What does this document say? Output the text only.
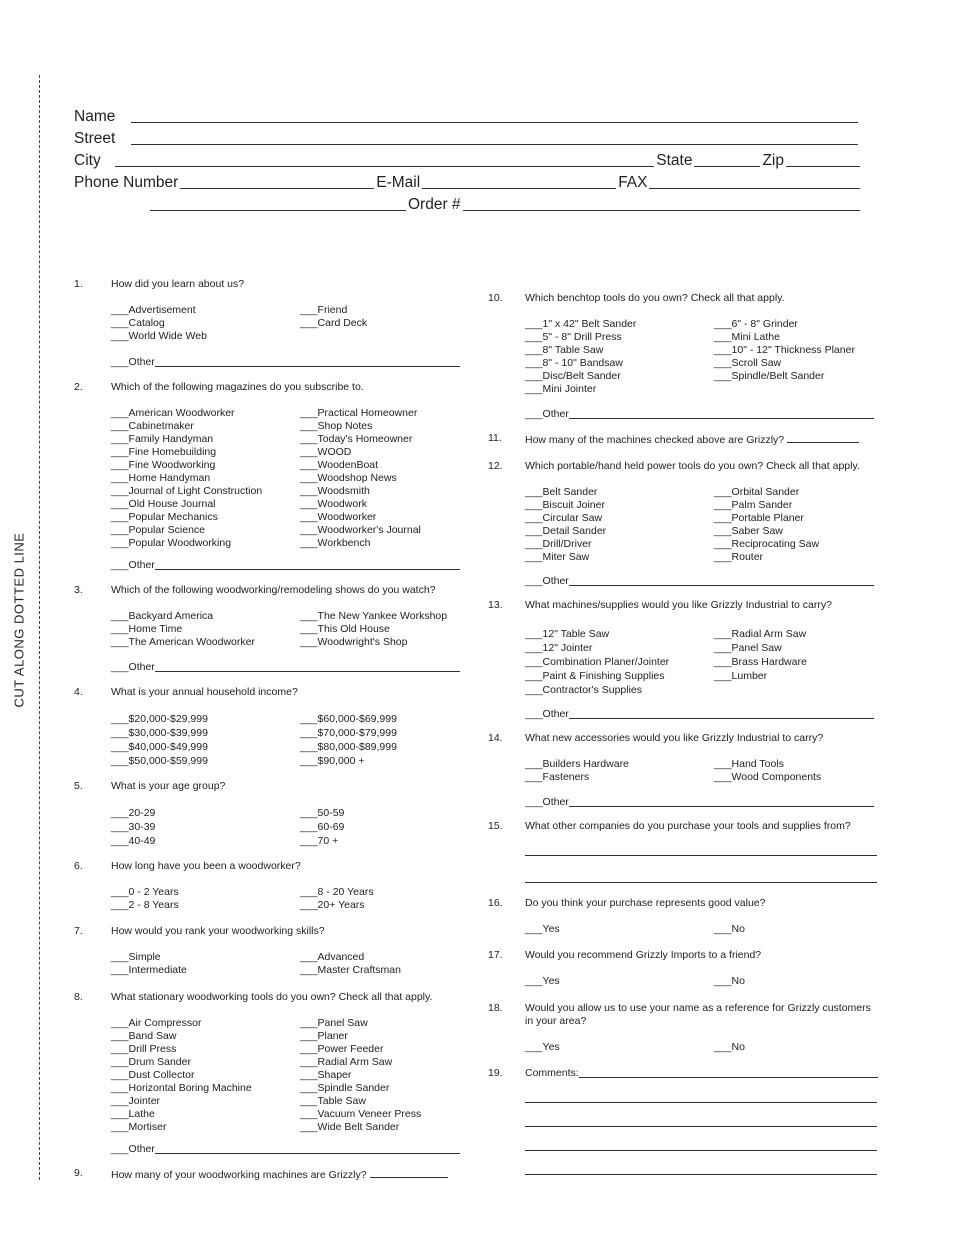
CUT ALONG DOTTED LINE
Name
Street
City	State	Zip
Phone Number	E-Mail	FAX
Order #
1.	How did you learn about us?
___Advertisement	___Friend
___Catalog	___Card Deck
___World Wide Web
___ Other
2.	Which of the following magazines do you subscribe to.
___American Woodworker	___Practical Homeowner
___Cabinetmaker	___Shop Notes
___Family Handyman	___Today's Homeowner
___Fine Homebuilding	___WOOD
___Fine Woodworking	___WoodenBoat
___Home Handyman	___Woodshop News
___Journal of Light Construction	___Woodsmith
___Old House Journal	___Woodwork
___Popular Mechanics	___Woodworker
___Popular Science	___Woodworker's Journal
___Popular Woodworking	___Workbench
___ Other
3.	Which of the following woodworking/remodeling shows do you watch?
___Backyard America	___The New Yankee Workshop
___Home Time	___This Old House
___The American Woodworker	___Woodwright's Shop
___ Other
4.	What is your annual household income?
___$20,000-$29,999	___$60,000-$69,999
___$30,000-$39,999	___$70,000-$79,999
___$40,000-$49,999	___$80,000-$89,999
___$50,000-$59,999	___$90,000 +
5.	What is your age group?
___20-29	___50-59
___30-39	___60-69
___40-49	___70 +
6.	How long have you been a woodworker?
___0 - 2 Years	___8 - 20 Years
___2 - 8 Years	___20+ Years
7.	How would you rank your woodworking skills?
___Simple	___Advanced
___Intermediate	___Master Craftsman
8.	What stationary woodworking tools do you own? Check all that apply.
___Air Compressor	___Panel Saw
___Band Saw	___Planer
___Drill Press	___Power Feeder
___Drum Sander	___Radial Arm Saw
___Dust Collector	___Shaper
___Horizontal Boring Machine	___Spindle Sander
___Jointer	___Table Saw
___Lathe	___Vacuum Veneer Press
___Mortiser	___Wide Belt Sander
___ Other
9.	How many of your woodworking machines are Grizzly?
10. Which benchtop tools do you own? Check all that apply.
___1" x 42" Belt Sander	___6" - 8" Grinder
___5" - 8" Drill Press	___Mini Lathe
___8" Table Saw	___10" - 12" Thickness Planer
___8" - 10" Bandsaw	___Scroll Saw
___Disc/Belt Sander	___Spindle/Belt Sander
___Mini Jointer
___ Other
11. How many of the machines checked above are Grizzly?
12. Which portable/hand held power tools do you own? Check all that apply.
___Belt Sander	___Orbital Sander
___Biscuit Joiner	___Palm Sander
___Circular Saw	___Portable Planer
___Detail Sander	___Saber Saw
___Drill/Driver	___Reciprocating Saw
___Miter Saw	___Router
___ Other
13. What machines/supplies would you like Grizzly Industrial to carry?
___12" Table Saw	___Radial Arm Saw
___12" Jointer	___Panel Saw
___Combination Planer/Jointer	___Brass Hardware
___Paint & Finishing Supplies	___Lumber
___Contractor's Supplies
___ Other
14. What new accessories would you like Grizzly Industrial to carry?
___Builders Hardware	___Hand Tools
___Fasteners	___Wood Components
___ Other
15. What other companies do you purchase your tools and supplies from?
16. Do you think your purchase represents good value?
___Yes	___No
17. Would you recommend Grizzly Imports to a friend?
___Yes	___No
18. Would you allow us to use your name as a reference for Grizzly customers in your area?
___Yes	___No
19. Comments:
